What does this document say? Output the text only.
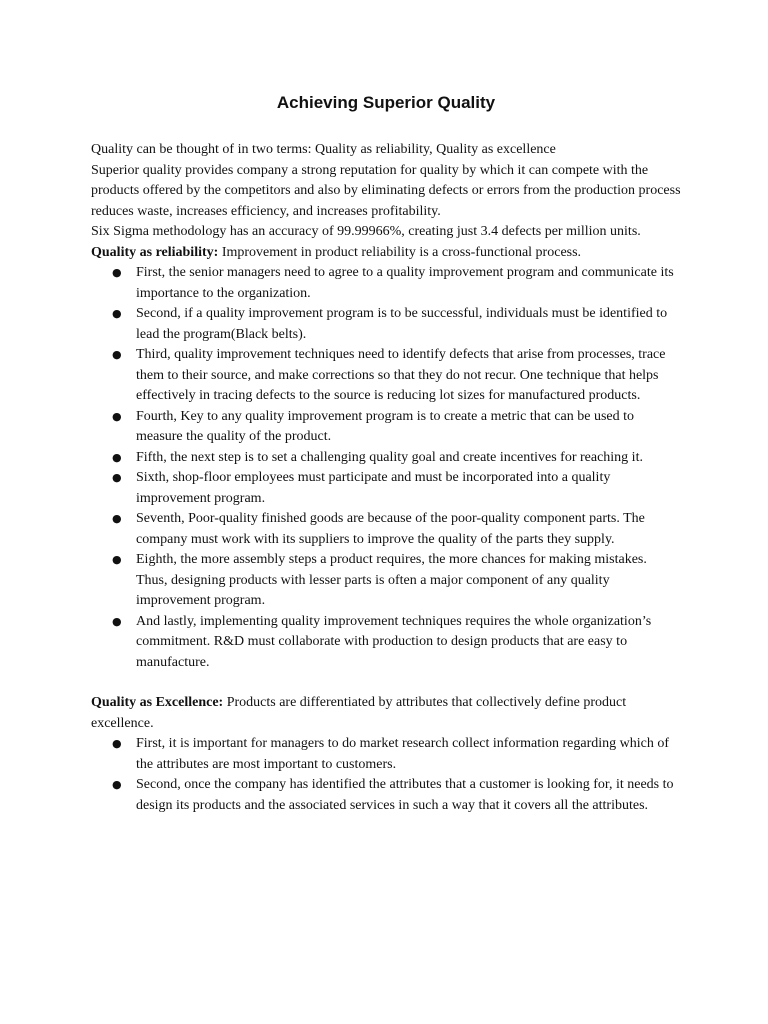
Achieving Superior Quality

Quality can be thought of in two terms: Quality as reliability, Quality as excellence

Superior quality provides company a strong reputation for quality by which it can compete with the products offered by the competitors and also by eliminating defects or errors from the production process reduces waste, increases efficiency, and increases profitability.

Six Sigma methodology has an accuracy of 99.99966%, creating just 3.4 defects per million units.

Quality as reliability: Improvement in product reliability is a cross-functional process.

● First, the senior managers need to agree to a quality improvement program and communicate its importance to the organization.
● Second, if a quality improvement program is to be successful, individuals must be identified to lead the program(Black belts).
● Third, quality improvement techniques need to identify defects that arise from processes, trace them to their source, and make corrections so that they do not recur. One technique that helps effectively in tracing defects to the source is reducing lot sizes for manufactured products.
● Fourth, Key to any quality improvement program is to create a metric that can be used to measure the quality of the product.
● Fifth, the next step is to set a challenging quality goal and create incentives for reaching it.
● Sixth, shop-floor employees must participate and must be incorporated into a quality improvement program.
● Seventh, Poor-quality finished goods are because of the poor-quality component parts. The company must work with its suppliers to improve the quality of the parts they supply.
● Eighth, the more assembly steps a product requires, the more chances for making mistakes. Thus, designing products with lesser parts is often a major component of any quality improvement program.
● And lastly, implementing quality improvement techniques requires the whole organization’s commitment. R&D must collaborate with production to design products that are easy to manufacture.

Quality as Excellence: Products are differentiated by attributes that collectively define product excellence.

● First, it is important for managers to do market research collect information regarding which of the attributes are most important to customers.
● Second, once the company has identified the attributes that a customer is looking for, it needs to design its products and the associated services in such a way that it covers all the attributes.
